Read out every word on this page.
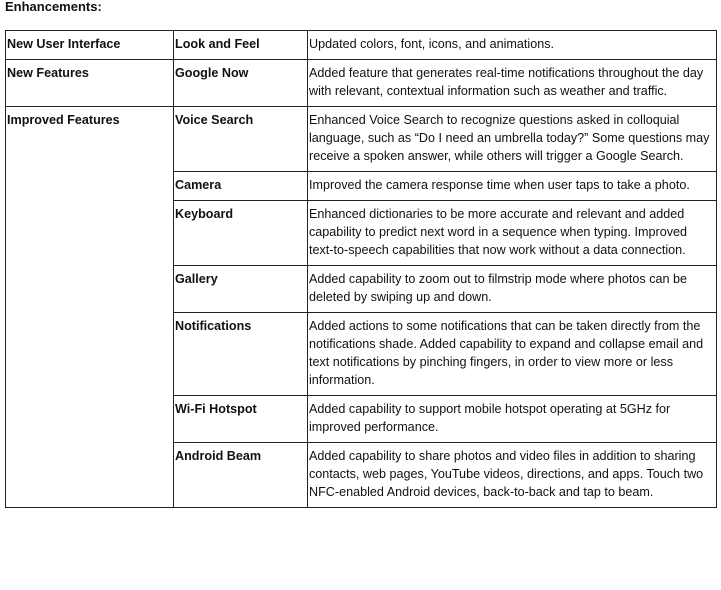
Enhancements:
New User Interface	Look and Feel	Updated colors, font, icons, and animations.
New Features	Google Now	Added feature that generates real-time notifications throughout the day with relevant, contextual information such as weather and traffic.
Improved Features	Voice Search	Enhanced Voice Search to recognize questions asked in colloquial language, such as “Do I need an umbrella today?” Some questions may receive a spoken answer, while others will trigger a Google Search.
	Camera	Improved the camera response time when user taps to take a photo.
	Keyboard	Enhanced dictionaries to be more accurate and relevant and added capability to predict next word in a sequence when typing. Improved text-to-speech capabilities that now work without a data connection.
	Gallery	Added capability to zoom out to filmstrip mode where photos can be deleted by swiping up and down.
	Notifications	Added actions to some notifications that can be taken directly from the notifications shade. Added capability to expand and collapse email and text notifications by pinching fingers, in order to view more or less information.
	Wi-Fi Hotspot	Added capability to support mobile hotspot operating at 5GHz for improved performance.
	Android Beam	Added capability to share photos and video files in addition to sharing contacts, web pages, YouTube videos, directions, and apps. Touch two NFC-enabled Android devices, back-to-back and tap to beam.
